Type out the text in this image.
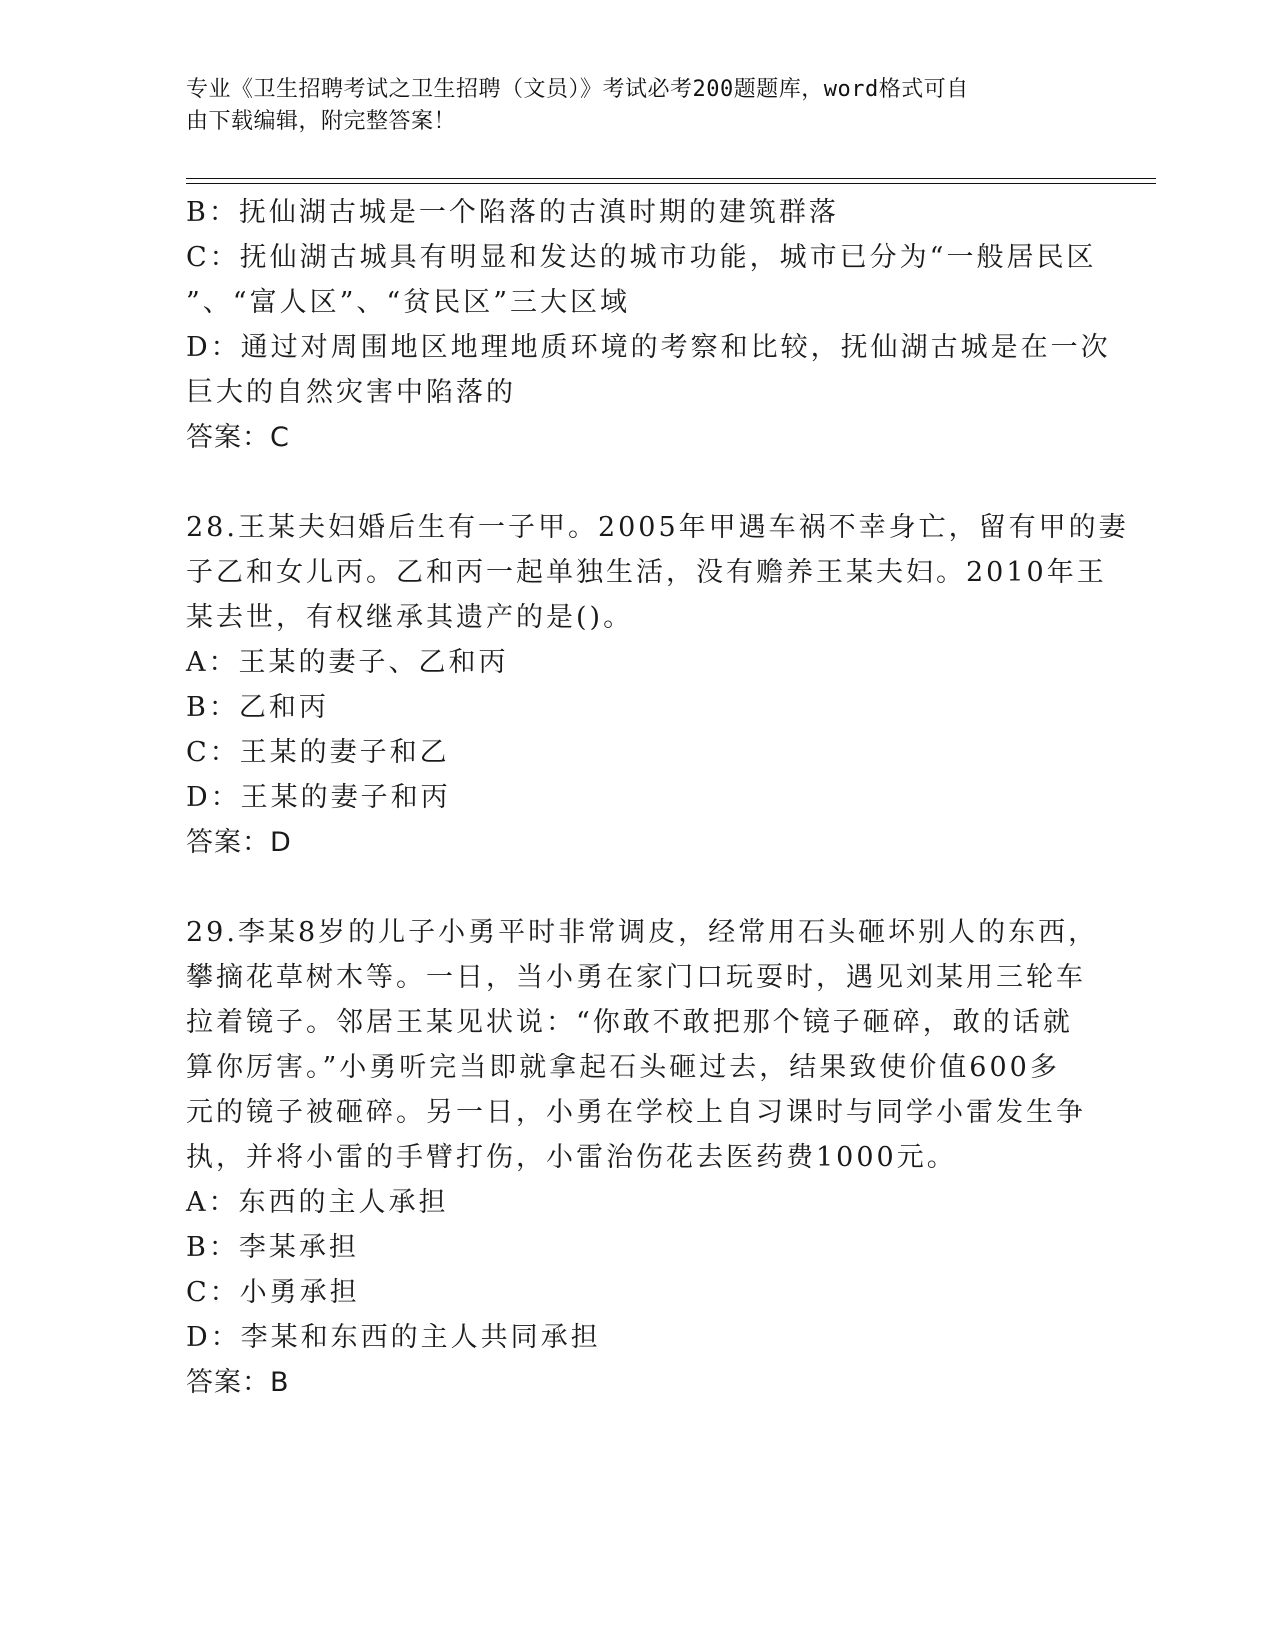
专业《卫生招聘考试之卫生招聘（文员）》考试必考200题题库，word格式可自
由下载编辑，附完整答案！
B：抚仙湖古城是一个陷落的古滇时期的建筑群落
C：抚仙湖古城具有明显和发达的城市功能，城市已分为“一般居民区
”、“富人区”、“贫民区”三大区域
D：通过对周围地区地理地质环境的考察和比较，抚仙湖古城是在一次
巨大的自然灾害中陷落的
答案：C
28.王某夫妇婚后生有一子甲。2005年甲遇车祸不幸身亡，留有甲的妻
子乙和女儿丙。乙和丙一起单独生活，没有赡养王某夫妇。2010年王
某去世，有权继承其遗产的是()。
A：王某的妻子、乙和丙
B：乙和丙
C：王某的妻子和乙
D：王某的妻子和丙
答案：D
29.李某8岁的儿子小勇平时非常调皮，经常用石头砸坏别人的东西，
攀摘花草树木等。一日，当小勇在家门口玩耍时，遇见刘某用三轮车
拉着镜子。邻居王某见状说：“你敢不敢把那个镜子砸碎，敢的话就
算你厉害。”小勇听完当即就拿起石头砸过去，结果致使价值600多
元的镜子被砸碎。另一日，小勇在学校上自习课时与同学小雷发生争
执，并将小雷的手臂打伤，小雷治伤花去医药费1000元。
A：东西的主人承担
B：李某承担
C：小勇承担
D：李某和东西的主人共同承担
答案：B
